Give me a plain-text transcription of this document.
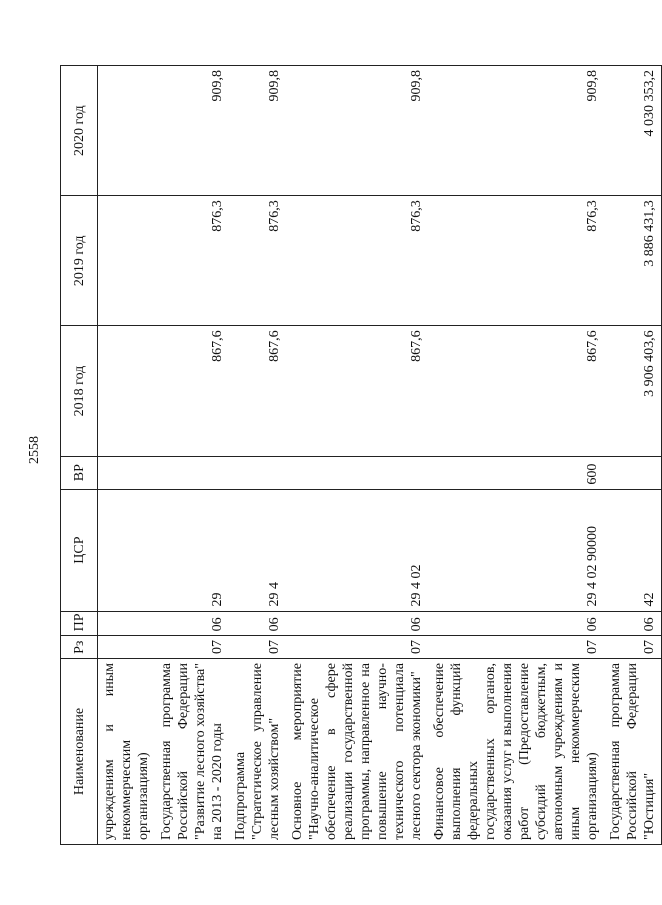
2558
Наименование	Рз	ПР	ЦСР	ВР	2018 год	2019 год	2020 год
учреждениям и иным некоммерческим организациям)							
Государственная программа Российской Федерации "Развитие лесного хозяйства" на 2013 - 2020 годы	07	06	29		867,6	876,3	909,8
Подпрограмма "Стратегическое управление лесным хозяйством"	07	06	29 4		867,6	876,3	909,8
Основное мероприятие "Научно-аналитическое обеспечение в сфере реализации государственной программы, направленное на повышение научно-технического потенциала лесного сектора экономики"	07	06	29 4 02		867,6	876,3	909,8
Финансовое обеспечение выполнения функций федеральных государственных органов, оказания услуг и выполнения работ (Предоставление субсидий бюджетным, автономным учреждениям и иным некоммерческим организациям)	07	06	29 4 02 90000	600	867,6	876,3	909,8
Государственная программа Российской Федерации "Юстиция"	07	06	42		3 906 403,6	3 886 431,3	4 030 353,2
